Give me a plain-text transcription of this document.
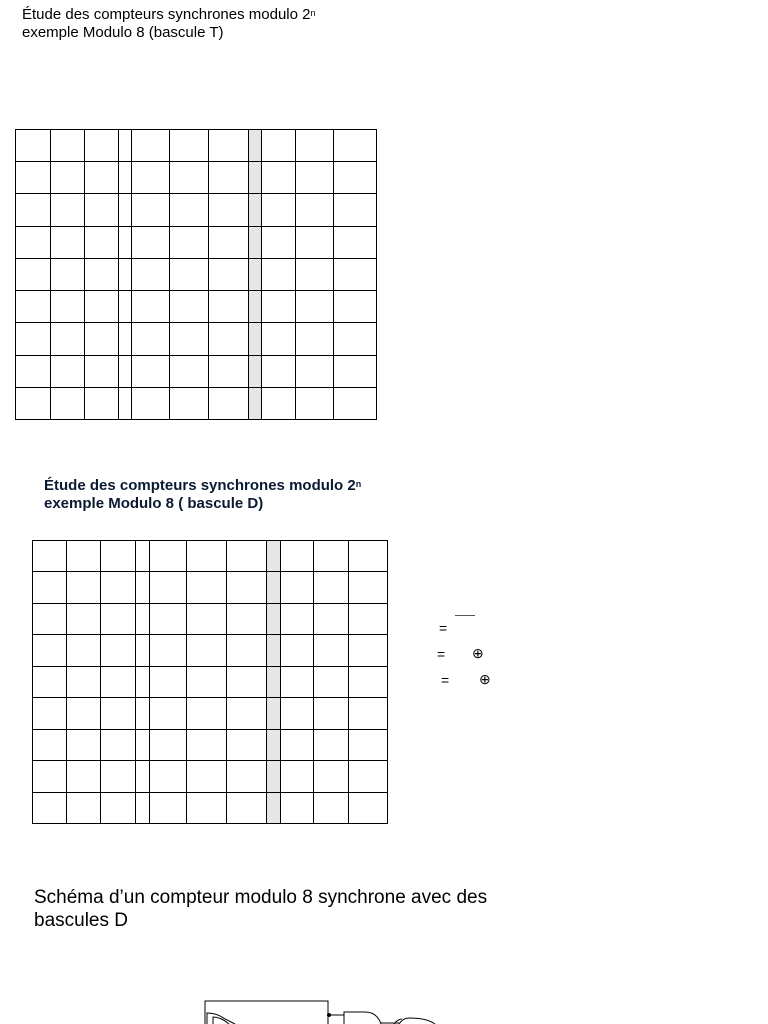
Étude des compteurs synchrones modulo 2$^n$
exemple Modulo 8 (bascule T)

Étude des compteurs synchrones modulo 2$^n$
exemple Modulo 8 ( bascule D)

=
= ⊕
= ⊕
Schéma d’un compteur modulo 8 synchrone avec des
bascules D
